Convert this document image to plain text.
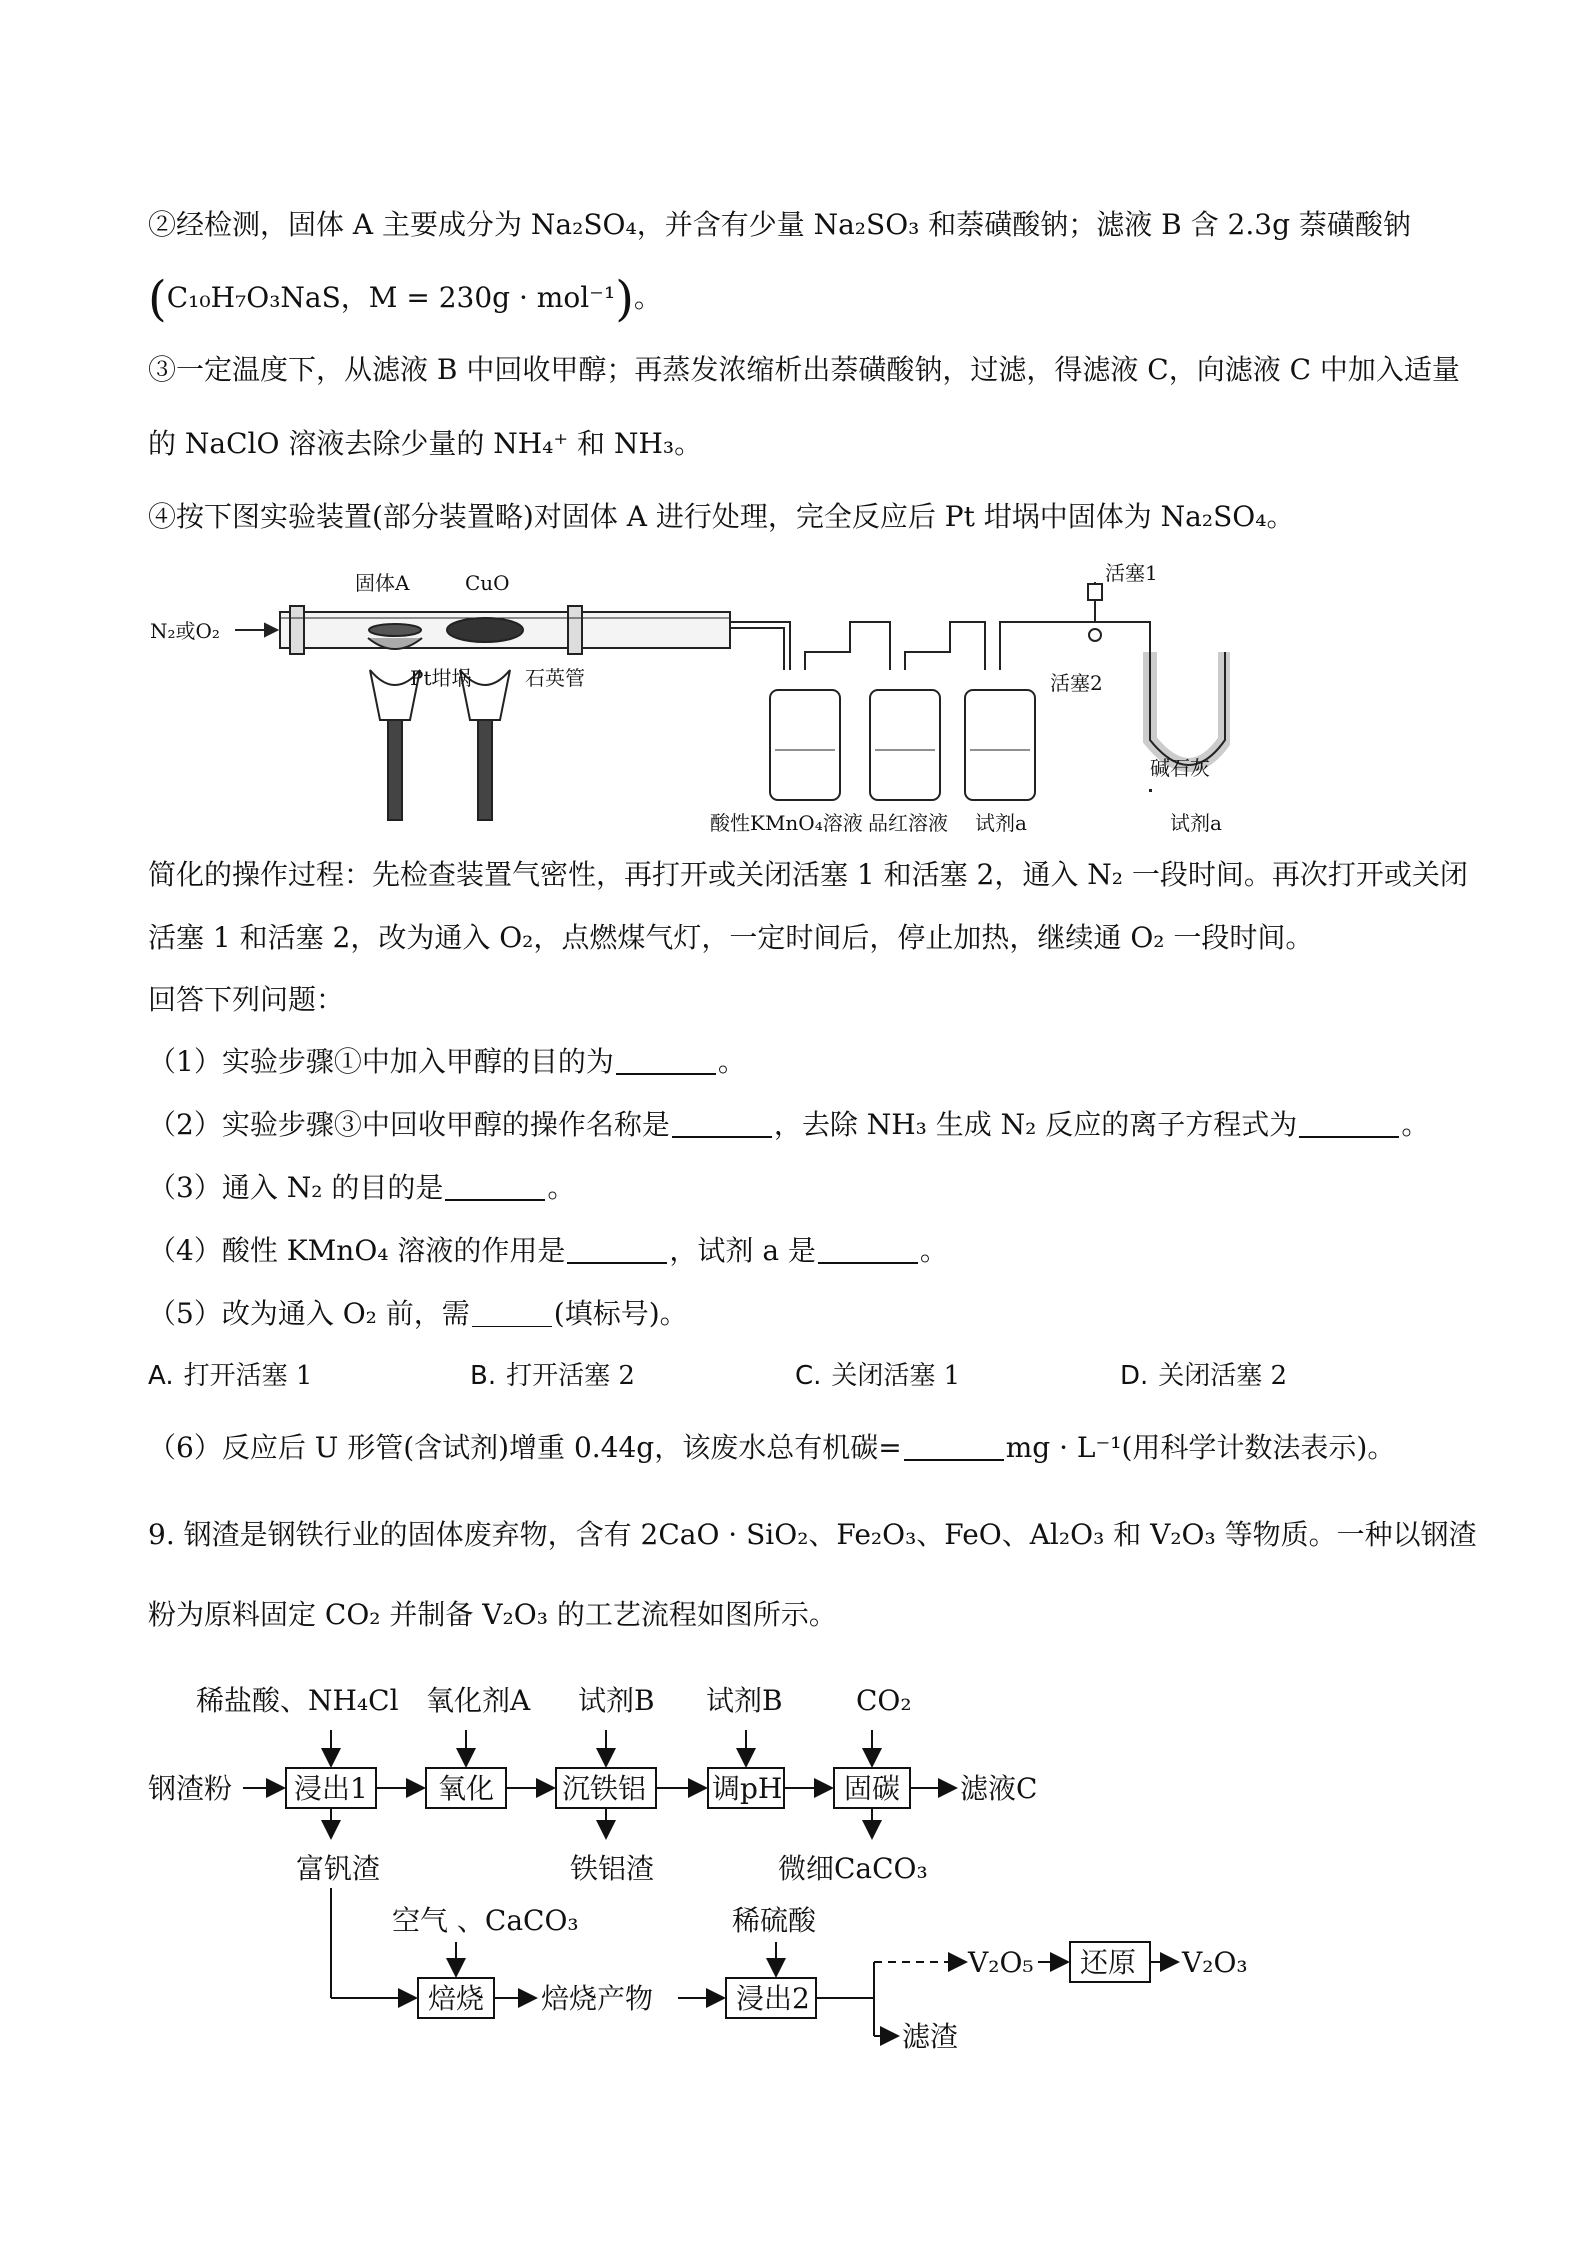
②经检测，固体 A 主要成分为 Na₂SO₄，并含有少量 Na₂SO₃ 和萘磺酸钠；滤液 B 含 2.3g 萘磺酸钠
(C₁₀H₇O₃NaS，M = 230g · mol⁻¹)。
③一定温度下，从滤液 B 中回收甲醇；再蒸发浓缩析出萘磺酸钠，过滤，得滤液 C，向滤液 C 中加入适量
的 NaClO 溶液去除少量的 NH₄⁺ 和 NH₃。
④按下图实验装置(部分装置略)对固体 A 进行处理，完全反应后 Pt 坩埚中固体为 Na₂SO₄。
N₂或O₂
固体A	CuO	活塞1
活塞2
Pt坩埚	石英管
碱石灰
酸性KMnO₄溶液 品红溶液 试剂a	试剂a
简化的操作过程：先检查装置气密性，再打开或关闭活塞 1 和活塞 2，通入 N₂ 一段时间。再次打开或关闭
活塞 1 和活塞 2，改为通入 O₂，点燃煤气灯，一定时间后，停止加热，继续通 O₂ 一段时间。
回答下列问题：
（1）实验步骤①中加入甲醇的目的为	。
（2）实验步骤③中回收甲醇的操作名称是	，去除 NH₃ 生成 N₂ 反应的离子方程式为	。
（3）通入 N₂ 的目的是	。
（4）酸性 KMnO₄ 溶液的作用是	，试剂 a 是	。
（5）改为通入 O₂ 前，需	(填标号)。
A. 打开活塞 1	B. 打开活塞 2	C. 关闭活塞 1	D. 关闭活塞 2
（6）反应后 U 形管(含试剂)增重 0.44g，该废水总有机碳=	mg · L⁻¹(用科学计数法表示)。
9. 钢渣是钢铁行业的固体废弃物，含有 2CaO · SiO₂、Fe₂O₃、FeO、Al₂O₃ 和 V₂O₃ 等物质。一种以钢渣
粉为原料固定 CO₂ 并制备 V₂O₃ 的工艺流程如图所示。
稀盐酸、NH₄Cl 氧化剂A 试剂B 试剂B	CO₂
钢渣粉 浸出1	氧化 沉铁铝 调pH 固碳 滤液C
富钒渣	铁铝渣	微细CaCO₃
空气 、CaCO₃
焙烧 焙烧产物
稀硫酸
浸出2
V₂O₅ 还原 V₂O₃
滤渣
